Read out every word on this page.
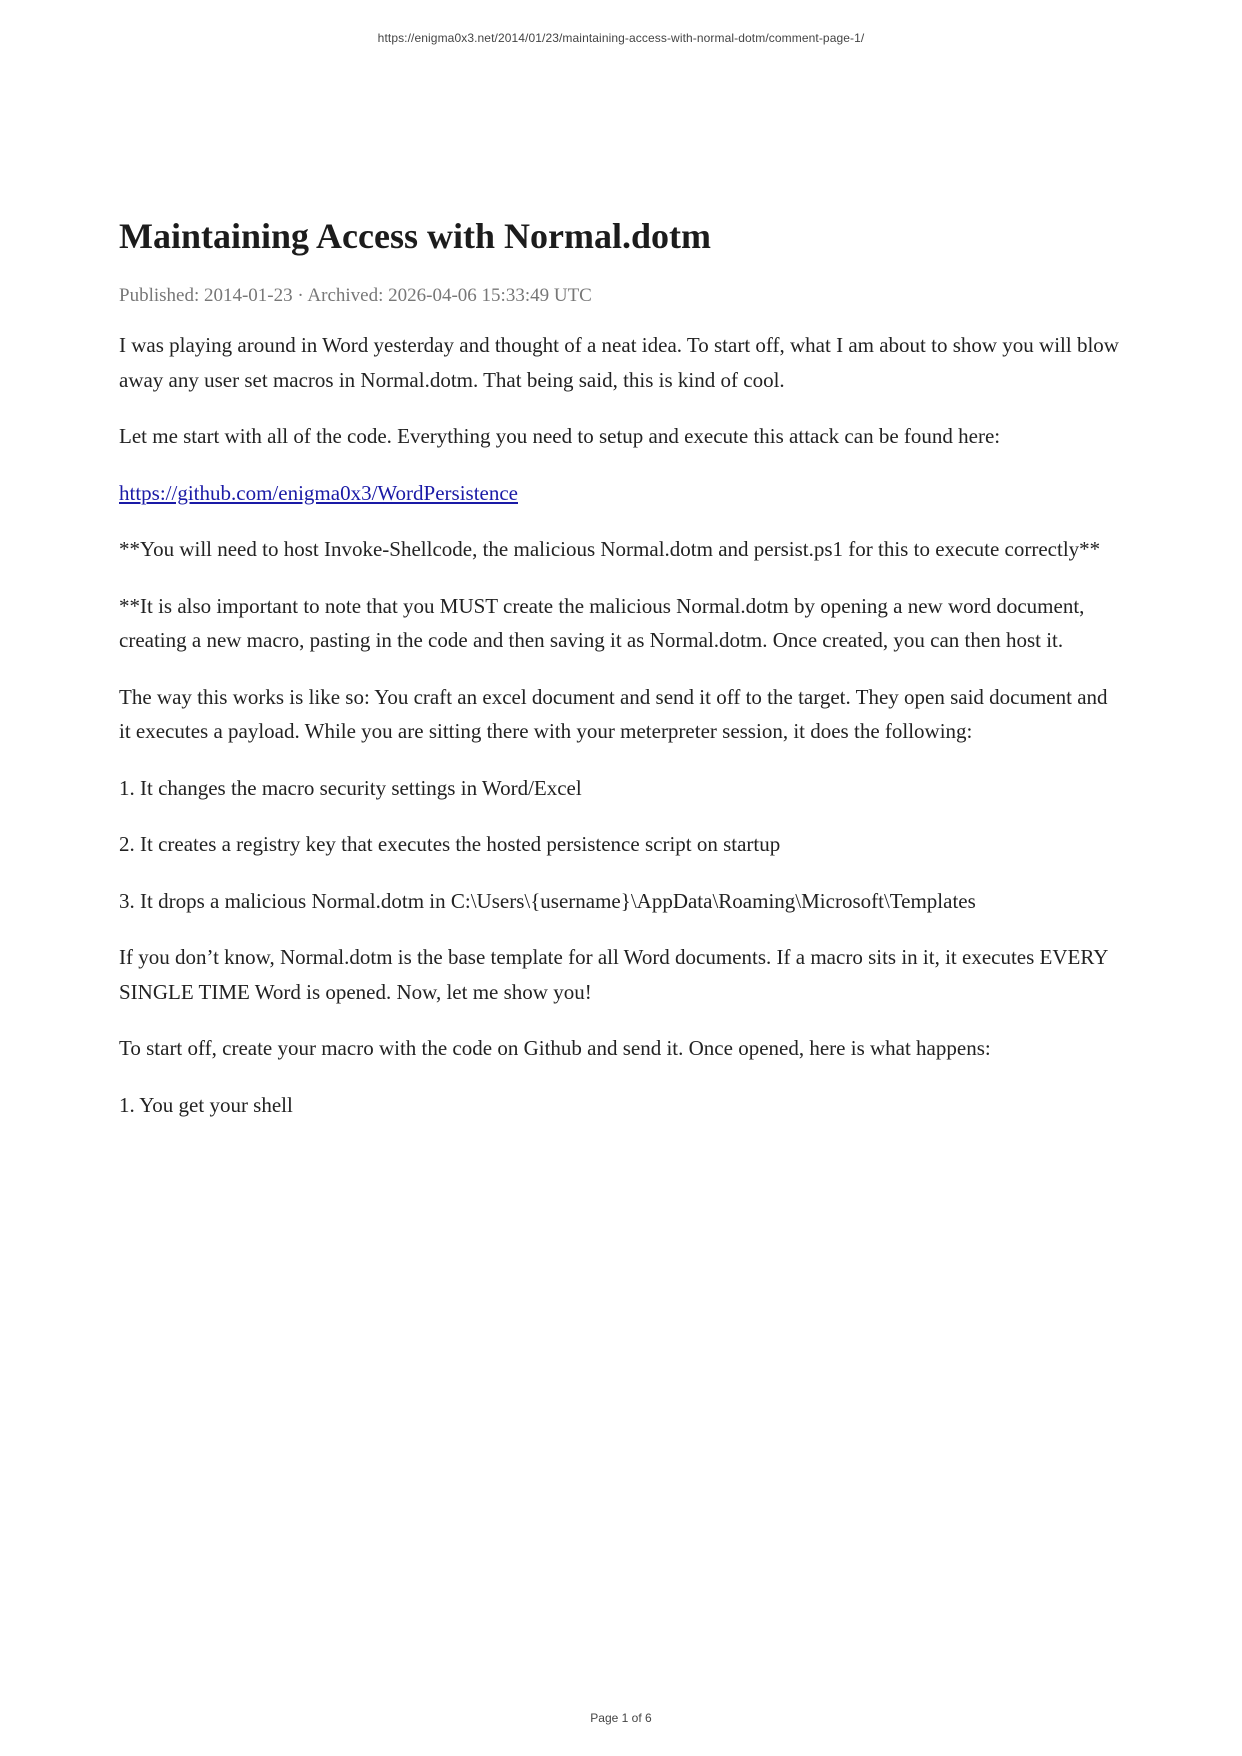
https://enigma0x3.net/2014/01/23/maintaining-access-with-normal-dotm/comment-page-1/
Maintaining Access with Normal.dotm
Published: 2014-01-23 · Archived: 2026-04-06 15:33:49 UTC

I was playing around in Word yesterday and thought of a neat idea. To start off, what I am about to show you will blow away any user set macros in Normal.dotm. That being said, this is kind of cool.

Let me start with all of the code. Everything you need to setup and execute this attack can be found here:

https://github.com/enigma0x3/WordPersistence

**You will need to host Invoke-Shellcode, the malicious Normal.dotm and persist.ps1 for this to execute correctly**

**It is also important to note that you MUST create the malicious Normal.dotm by opening a new word document, creating a new macro, pasting in the code and then saving it as Normal.dotm. Once created, you can then host it.

The way this works is like so: You craft an excel document and send it off to the target. They open said document and it executes a payload. While you are sitting there with your meterpreter session, it does the following:

1. It changes the macro security settings in Word/Excel

2. It creates a registry key that executes the hosted persistence script on startup

3. It drops a malicious Normal.dotm in C:\Users\{username}\AppData\Roaming\Microsoft\Templates

If you don’t know, Normal.dotm is the base template for all Word documents. If a macro sits in it, it executes EVERY SINGLE TIME Word is opened. Now, let me show you!

To start off, create your macro with the code on Github and send it. Once opened, here is what happens:

1. You get your shell

Page 1 of 6
